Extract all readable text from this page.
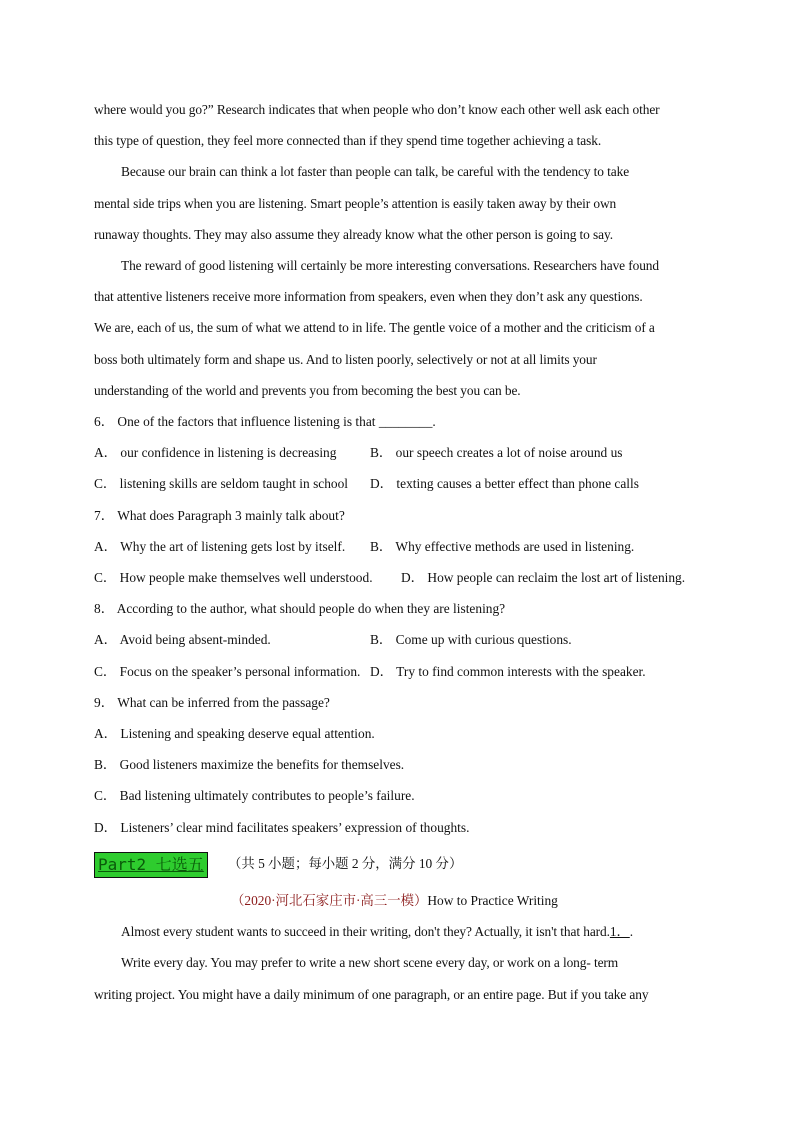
where would you go?” Research indicates that when people who don’t know each other well ask each other
this type of question, they feel more connected than if they spend time together achieving a task.
Because our brain can think a lot faster than people can talk, be careful with the tendency to take
mental side trips when you are listening. Smart people’s attention is easily taken away by their own
runaway thoughts. They may also assume they already know what the other person is going to say.
The reward of good listening will certainly be more interesting conversations. Researchers have found
that attentive listeners receive more information from speakers, even when they don’t ask any questions.
We are, each of us, the sum of what we attend to in life. The gentle voice of a mother and the criticism of a
boss both ultimately form and shape us. And to listen poorly, selectively or not at all limits your
understanding of the world and prevents you from becoming the best you can be.
6． One of the factors that influence listening is that ________.
A． our confidence in listening is decreasing	B． our speech creates a lot of noise around us
C． listening skills are seldom taught in school D． texting causes a better effect than phone calls
7． What does Paragraph 3 mainly talk about?
A． Why the art of listening gets lost by itself. B． Why effective methods are used in listening.
C． How people make themselves well understood. D． How people can reclaim the lost art of listening.
8． According to the author, what should people do when they are listening?
A． Avoid being absent-minded.	B． Come up with curious questions.
C． Focus on the speaker’s personal information. D． Try to find common interests with the speaker.
9． What can be inferred from the passage?
A． Listening and speaking deserve equal attention.
B． Good listeners maximize the benefits for themselves.
C． Bad listening ultimately contributes to people’s failure.
D． Listeners’ clear mind facilitates speakers’ expression of thoughts.
Part2 七选五 （共 5 小题；每小题 2 分，满分 10 分）
（2020·河北石家庄市·高三一模）How to Practice Writing
Almost every student wants to succeed in their writing, don't they? Actually, it isn't that hard.1．.
Write every day. You may prefer to write a new short scene every day, or work on a long- term
writing project. You might have a daily minimum of one paragraph, or an entire page. But if you take any
